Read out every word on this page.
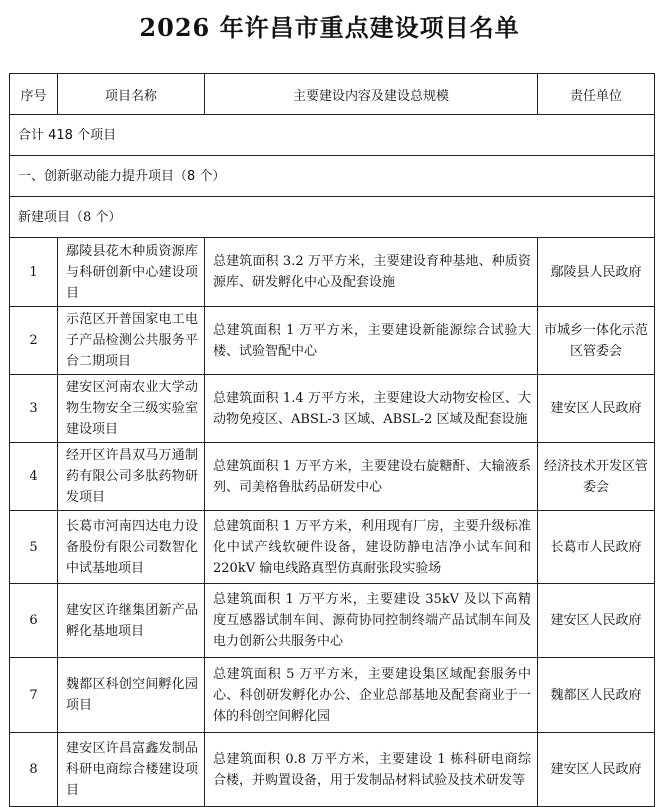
2026 年许昌市重点建设项目名单
序号	项目名称	主要建设内容及建设总规模	责任单位
合计 418 个项目			
一、创新驱动能力提升项目（8 个）			
新建项目（8 个）			
1	鄢陵县花木种质资源库与科研创新中心建设项目	总建筑面积 3.2 万平方米，主要建设育种基地、种质资源库、研发孵化中心及配套设施	鄢陵县人民政府
2	示范区开普国家电工电子产品检测公共服务平台二期项目	总建筑面积 1 万平方米，主要建设新能源综合试验大楼、试验智配中心	市城乡一体化示范区管委会
3	建安区河南农业大学动物生物安全三级实验室建设项目	总建筑面积 1.4 万平方米，主要建设大动物安检区、大动物免疫区、ABSL-3 区域、ABSL-2 区域及配套设施	建安区人民政府
4	经开区许昌双马万通制药有限公司多肽药物研发项目	总建筑面积 1 万平方米，主要建设右旋糖酐、大输液系列、司美格鲁肽药品研发中心	经济技术开发区管委会
5	长葛市河南四达电力设备股份有限公司数智化中试基地项目	总建筑面积 1 万平方米，利用现有厂房，主要升级标准化中试产线软硬件设备，建设防静电洁净小试车间和 220kV 输电线路真型仿真耐张段实验场	长葛市人民政府
6	建安区许继集团新产品孵化基地项目	总建筑面积 1 万平方米，主要建设 35kV 及以下高精度互感器试制车间、源荷协同控制终端产品试制车间及电力创新公共服务中心	建安区人民政府
7	魏都区科创空间孵化园项目	总建筑面积 5 万平方米，主要建设集区域配套服务中心、科创研发孵化办公、企业总部基地及配套商业于一体的科创空间孵化园	魏都区人民政府
8	建安区许昌富鑫发制品科研电商综合楼建设项目	总建筑面积 0.8 万平方米，主要建设 1 栋科研电商综合楼，并购置设备，用于发制品材料试验及技术研发等	建安区人民政府
